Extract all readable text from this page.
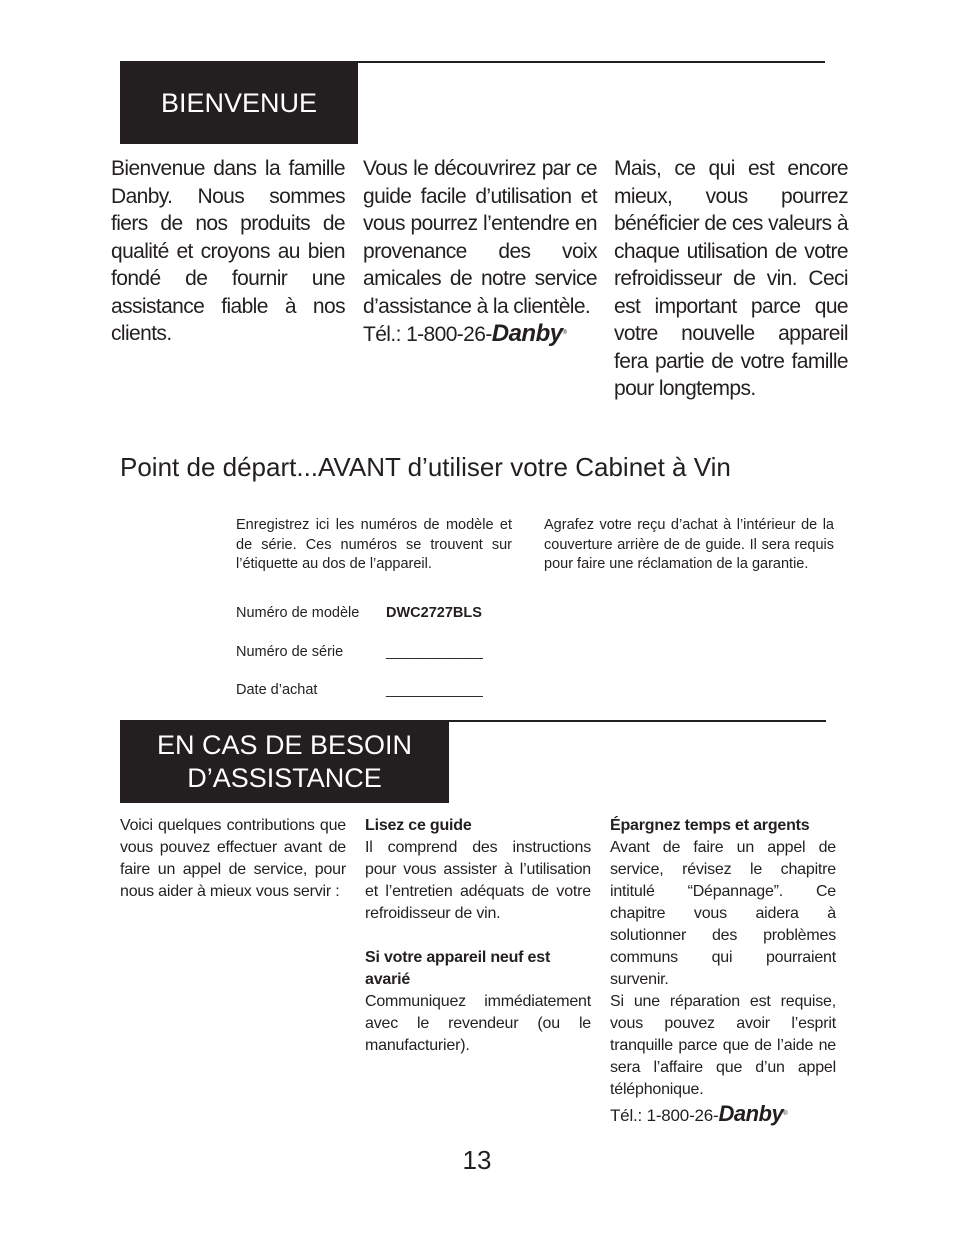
BIENVENUE

Bienvenue dans la famille Danby. Nous sommes fiers de nos produits de qualité et croyons au bien fondé de fournir une assistance fiable à nos clients.

Vous le découvrirez par ce guide facile d’utilisation et vous pourrez l’entendre en provenance des voix amicales de notre service d’assistance à la clientèle.

Tél.: 1-800-26-Danby®

Mais, ce qui est encore mieux, vous pourrez bénéficier de ces valeurs à chaque utilisation de votre refroidisseur de vin. Ceci est important parce que votre nouvelle appareil fera partie de votre famille pour longtemps.

Point de départ...AVANT d’utiliser votre Cabinet à Vin
Enregistrez ici les numéros de modèle et de série. Ces numéros se trouvent sur l’étiquette au dos de l’appareil.
Agrafez votre reçu d’achat à l’intérieur de la couverture arrière de de guide. Il sera requis pour faire une réclamation de la garantie.
Numéro de modèle DWC2727BLS
Numéro de série	____________
Date d’achat	____________
EN CAS DE BESOIN
D’ASSISTANCE
Voici quelques contributions que vous pouvez effectuer avant de faire un appel de service, pour nous aider à mieux vous servir :
Lisez ce guide
Il comprend des instructions pour vous assister à l’utilisation et l’entretien adéquats de votre refroidisseur de vin.
Si votre appareil neuf est avarié
Communiquez immédiatement avec le revendeur (ou le manufacturier).
Épargnez temps et argents
Avant de faire un appel de service, révisez le chapitre intitulé “Dépannage”. Ce chapitre vous aidera à solutionner des problèmes communs qui pourraient survenir.
Si une réparation est requise, vous pouvez avoir l’esprit tranquille parce que de l’aide ne sera l’affaire que d’un appel téléphonique.
Tél.: 1-800-26-Danby®
13
